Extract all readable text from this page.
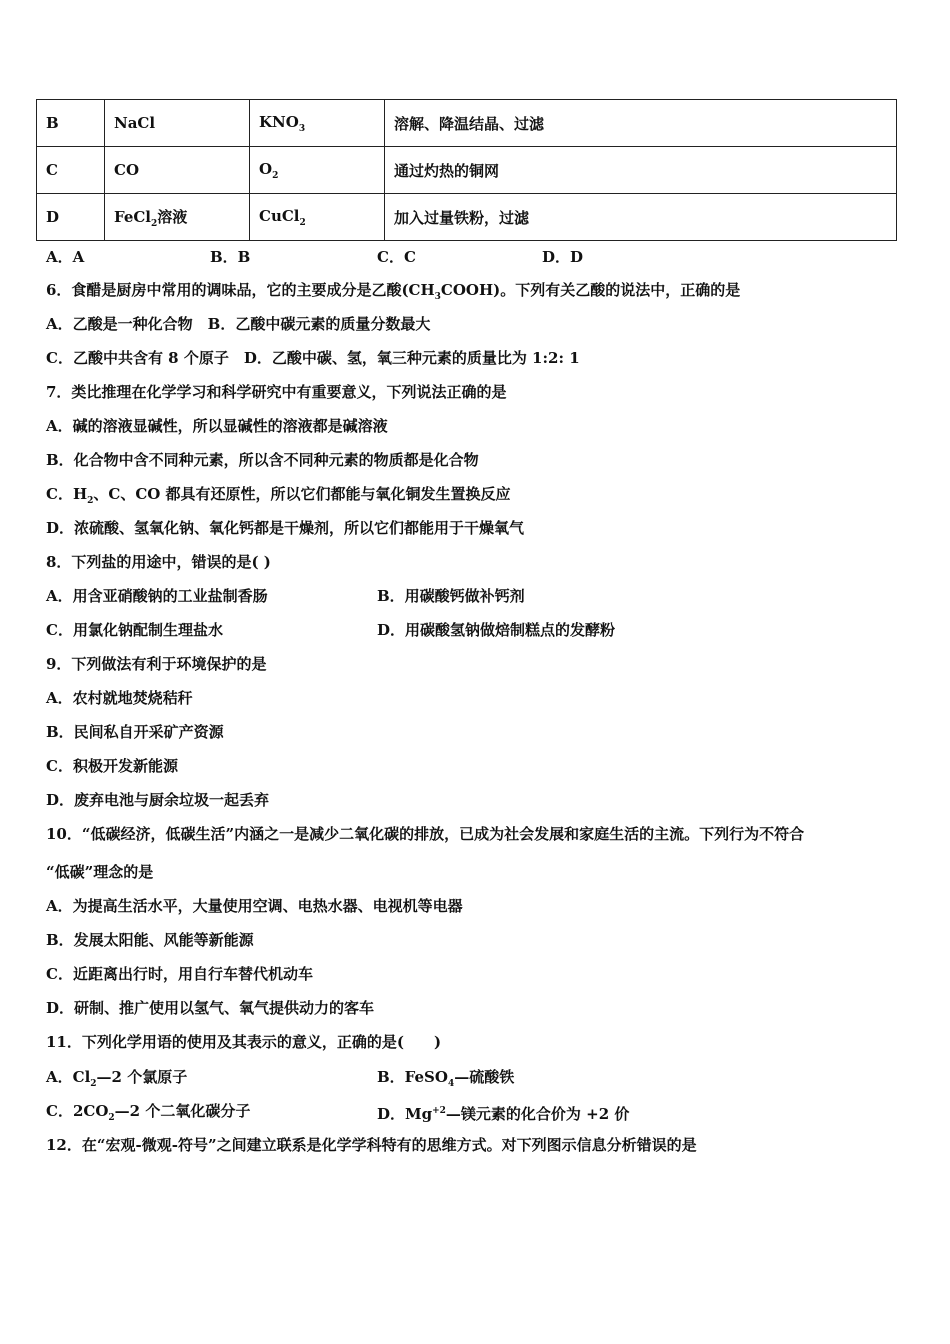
B	NaCl	$KNO_3$	溶解、降温结晶、过滤
C	CO	$O_2$	通过灼热的铜网
D	FeCl$_2$溶液	CuCl$_2$	加入过量铁粉，过滤
A．A	B．B	C．C	D．D
6．食醋是厨房中常用的调味品，它的主要成分是乙酸$(CH_3COOH)$。下列有关乙酸的说法中，正确的是
A．乙酸是一种化合物　B．乙酸中碳元素的质量分数最大
C．乙酸中共含有 8 个原子　D．乙酸中碳、氢，氧三种元素的质量比为 1:2: 1
7．类比推理在化学学习和科学研究中有重要意义，下列说法正确的是
A．碱的溶液显碱性，所以显碱性的溶液都是碱溶液
B．化合物中含不同种元素，所以含不同种元素的物质都是化合物
C．$H_2$、C、CO 都具有还原性，所以它们都能与氧化铜发生置换反应
D．浓硫酸、氢氧化钠、氧化钙都是干燥剂，所以它们都能用于干燥氧气
8．下列盐的用途中，错误的是( )
A．用含亚硝酸钠的工业盐制香肠	B．用碳酸钙做补钙剂
C．用氯化钠配制生理盐水	D．用碳酸氢钠做焙制糕点的发酵粉
9．下列做法有利于环境保护的是
A．农村就地焚烧秸秆
B．民间私自开采矿产资源
C．积极开发新能源
D．废弃电池与厨余垃圾一起丢弃
10．“低碳经济，低碳生活”内涵之一是减少二氧化碳的排放，已成为社会发展和家庭生活的主流。下列行为不符合
“低碳”理念的是
A．为提高生活水平，大量使用空调、电热水器、电视机等电器
B．发展太阳能、风能等新能源
C．近距离出行时，用自行车替代机动车
D．研制、推广使用以氢气、氧气提供动力的客车
11．下列化学用语的使用及其表示的意义，正确的是(　　)
A．$Cl_2—2$ 个氯原子	B．FeSO$_4$—硫酸铁
C．$2CO_2—2$ 个二氧化碳分子	D．$Mg^{+2}—$镁元素的化合价为 +2 价
12．在“宏观-微观-符号”之间建立联系是化学学科特有的思维方式。对下列图示信息分析错误的是
